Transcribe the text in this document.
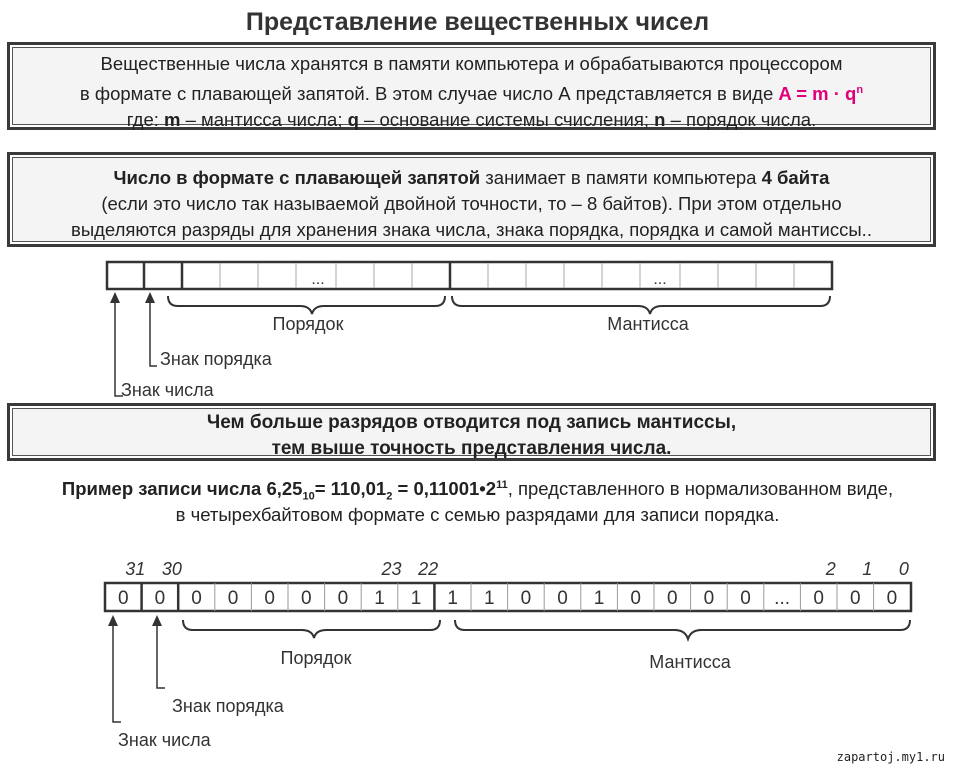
Представление вещественных чисел
Вещественные числа хранятся в памяти компьютера и обрабатываются процессором
в формате с плавающей запятой. В этом случае число А представляется в виде $A = m \cdot q^n$
где: m – мантисса числа; q – основание системы счисления; n – порядок числа.
Число в формате с плавающей запятой занимает в памяти компьютера 4 байта
(если это число так называемой двойной точности, то – 8 байтов). При этом отдельно
выделяются разряды для хранения знака числа, знака порядка, порядка и самой мантиссы..
...	...
Порядок	Мантисса
Знак порядка
Знак числа
0 0 0 0 0 0 0 1 1 1 1 0 0 1 0 0 0 0 ... 0 0 0
31 30	23 22	2 1 0
Порядок	Мантисса
Знак порядка
Знак числа
Чем больше разрядов отводится под запись мантиссы,
тем выше точность представления числа.
Пример записи числа $6,25_{10}= 110,01_2$ = $0,11001•2^{11}$, представленного в нормализованном виде,
в четырехбайтовом формате с семью разрядами для записи порядка.
zapartoj.my1.ru
